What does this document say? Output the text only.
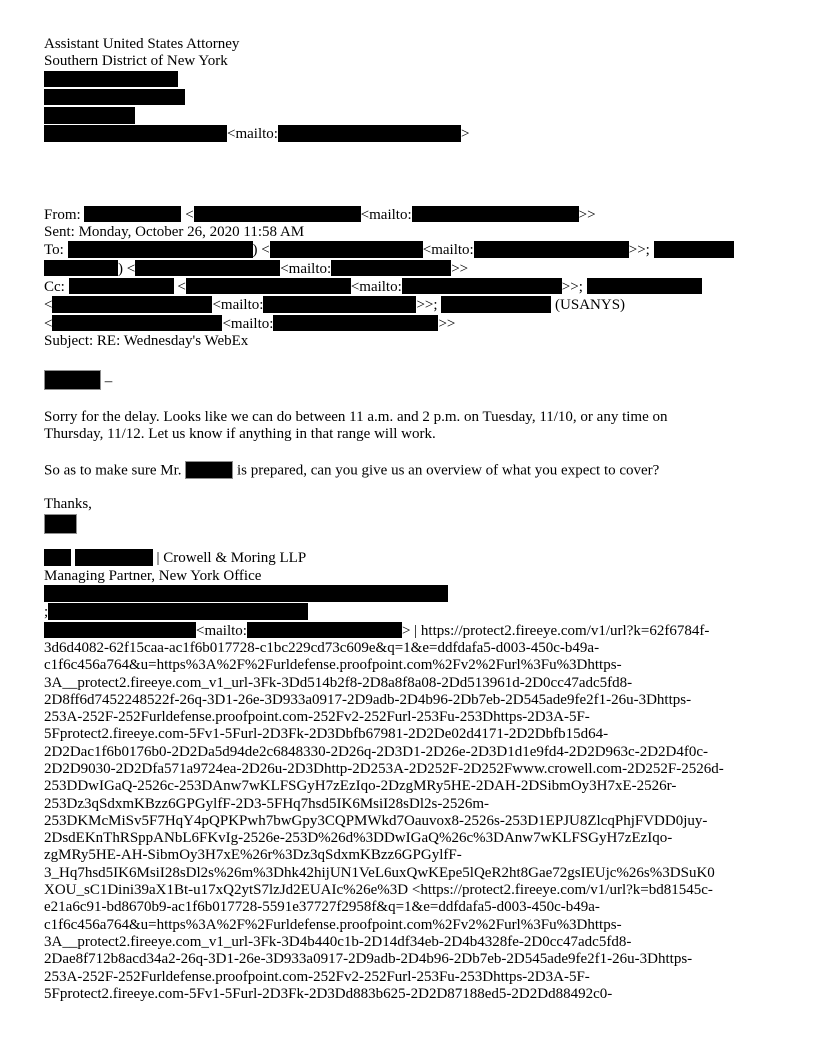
Assistant United States Attorney
Southern District of New York
<mailto:	>
From:	<	<mailto:	>>
Sent: Monday, October 26, 2020 11:58 AM
To:	) <	<mailto:	>>;
) <	<mailto:	>>
Cc:	<	<mailto:	>>;
<	<mailto:	>>;	(USANYS)
<	<mailto:	>>
Subject: RE: Wednesday's WebEx
–
Sorry for the delay. Looks like we can do between 11 a.m. and 2 p.m. on Tuesday, 11/10, or any time on
Thursday, 11/12. Let us know if anything in that range will work.
So as to make sure Mr.	is prepared, can you give us an overview of what you expect to cover?
Thanks,
| Crowell & Moring LLP
Managing Partner, New York Office
;
<mailto:	> | https://protect2.fireeye.com/v1/url?k=62f6784f-
3d6d4082-62f15caa-ac1f6b017728-c1bc229cd73c609e&q=1&e=ddfdafa5-d003-450c-b49a-
c1f6c456a764&u=https%3A%2F%2Furldefense.proofpoint.com%2Fv2%2Furl%3Fu%3Dhttps-
3A__protect2.fireeye.com_v1_url-3Fk-3Dd514b2f8-2D8a8f8a08-2Dd513961d-2D0cc47adc5fd8-
2D8ff6d7452248522f-26q-3D1-26e-3D933a0917-2D9adb-2D4b96-2Db7eb-2D545ade9fe2f1-26u-3Dhttps-
253A-252F-252Furldefense.proofpoint.com-252Fv2-252Furl-253Fu-253Dhttps-2D3A-5F-
5Fprotect2.fireeye.com-5Fv1-5Furl-2D3Fk-2D3Dbfb67981-2D2De02d4171-2D2Dbfb15d64-
2D2Dac1f6b0176b0-2D2Da5d94de2c6848330-2D26q-2D3D1-2D26e-2D3D1d1e9fd4-2D2D963c-2D2D4f0c-
2D2D9030-2D2Dfa571a9724ea-2D26u-2D3Dhttp-2D253A-2D252F-2D252Fwww.crowell.com-2D252F-2526d-
253DDwIGaQ-2526c-253DAnw7wKLFSGyH7zEzIqo-2DzgMRy5HE-2DAH-2DSibmOy3H7xE-2526r-
253Dz3qSdxmKBzz6GPGylfF-2D3-5FHq7hsd5IK6MsiI28sDl2s-2526m-
253DKMcMiSv5F7HqY4pQPKPwh7bwGpy3CQPMWkd7Oauvox8-2526s-253D1EPJU8ZlcqPhjFVDD0juy-
2DsdEKnThRSppANbL6FKvIg-2526e-253D%26d%3DDwIGaQ%26c%3DAnw7wKLFSGyH7zEzIqo-
zgMRy5HE-AH-SibmOy3H7xE%26r%3Dz3qSdxmKBzz6GPGylfF-
3_Hq7hsd5IK6MsiI28sDl2s%26m%3Dhk42hijUN1VeL6uxQwKEpe5lQeR2ht8Gae72gsIEUjc%26s%3DSuK0
XOU_sC1Dini39aX1Bt-u17xQ2ytS7lzJd2EUAIc%26e%3D <https://protect2.fireeye.com/v1/url?k=bd81545c-
e21a6c91-bd8670b9-ac1f6b017728-5591e37727f2958f&q=1&e=ddfdafa5-d003-450c-b49a-
c1f6c456a764&u=https%3A%2F%2Furldefense.proofpoint.com%2Fv2%2Furl%3Fu%3Dhttps-
3A__protect2.fireeye.com_v1_url-3Fk-3D4b440c1b-2D14df34eb-2D4b4328fe-2D0cc47adc5fd8-
2Dae8f712b8acd34a2-26q-3D1-26e-3D933a0917-2D9adb-2D4b96-2Db7eb-2D545ade9fe2f1-26u-3Dhttps-
253A-252F-252Furldefense.proofpoint.com-252Fv2-252Furl-253Fu-253Dhttps-2D3A-5F-
5Fprotect2.fireeye.com-5Fv1-5Furl-2D3Fk-2D3Dd883b625-2D2D87188ed5-2D2Dd88492c0-
